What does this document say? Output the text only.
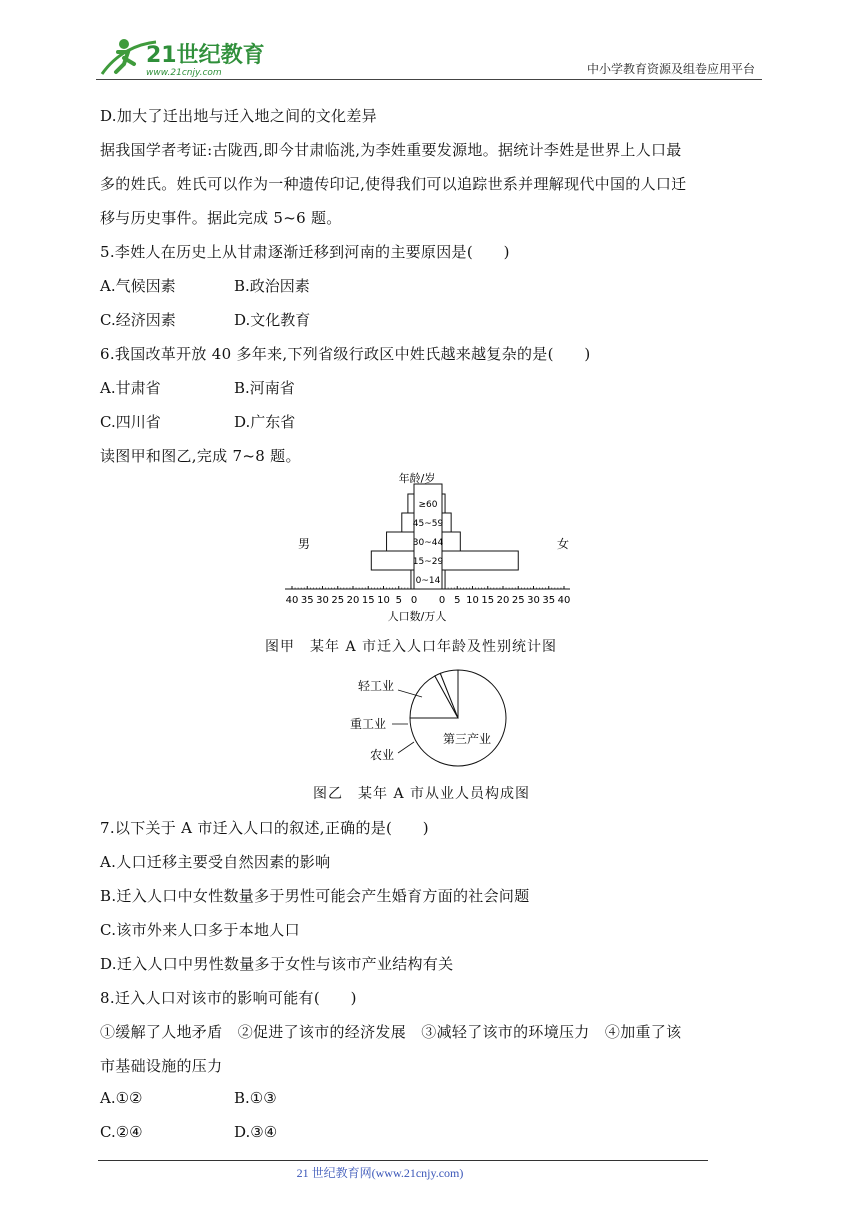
21世纪教育
www.21cnjy.com	中小学教育资源及组卷应用平台
D.加大了迁出地与迁入地之间的文化差异
据我国学者考证:古陇西,即今甘肃临洮,为李姓重要发源地。据统计李姓是世界上人口最
多的姓氏。姓氏可以作为一种遗传印记,使得我们可以追踪世系并理解现代中国的人口迁
移与历史事件。据此完成 5~6 题。
5.李姓人在历史上从甘肃逐渐迁移到河南的主要原因是(　　)
A.气候因素	B.政治因素
C.经济因素	D.文化教育
6.我国改革开放 40 多年来,下列省级行政区中姓氏越来越复杂的是(　　)
A.甘肃省	B.河南省
C.四川省	D.广东省
读图甲和图乙,完成 7~8 题。
0~14
15~29
30~44
45~59
≥60
0 0
5	5
10	10
15	15
20	20
25	25
30	30
35	35
40	40
年龄/岁
男	女
人口数/万人
图甲　某年 A 市迁入人口年龄及性别统计图
轻工业
重工业
农业
第三产业
图乙　某年 A 市从业人员构成图
7.以下关于 A 市迁入人口的叙述,正确的是(　　)
A.人口迁移主要受自然因素的影响
B.迁入人口中女性数量多于男性可能会产生婚育方面的社会问题
C.该市外来人口多于本地人口
D.迁入人口中男性数量多于女性与该市产业结构有关
8.迁入人口对该市的影响可能有(　　)
①缓解了人地矛盾　②促进了该市的经济发展　③减轻了该市的环境压力　④加重了该
市基础设施的压力
A.①②	B.①③
C.②④	D.③④
21 世纪教育网(www.21cnjy.com)
